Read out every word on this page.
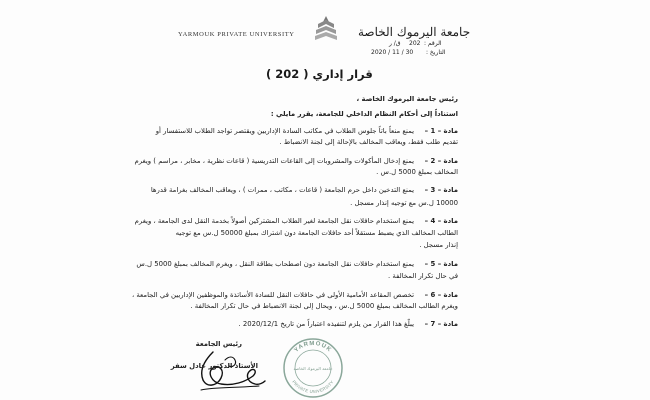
YARMOUK PRIVATE UNIVERSITY	جامعة اليرموك الخاصة
الرقم :
202
ق/ ر
التاريخ :
2020 / 11 / 30
قرار إداري ( 202 )
رئيس جامعة اليرموك الخاصة ،
استناداً إلى أحكام النظام الداخلي للجامعة، يقرر مايلي :
مادة – 1 –
يمنع منعاً باتاً جلوس الطلاب في مكاتب السادة الإداريين ويقتصر تواجد الطلاب للاستفسار أو
تقديم طلب فقط، ويعاقب المخالف بالإحالة إلى لجنة الانضباط .
مادة – 2 –
يمنع إدخال المأكولات والمشروبات إلى القاعات التدريسية ( قاعات نظرية ، مخابر ، مراسم ) ويغرم
المخالف بمبلغ 5000 ل.س .
مادة – 3 –
يمنع التدخين داخل حرم الجامعة ( قاعات ، مكاتب ، ممرات ) ، ويعاقب المخالف بغرامة قدرها
10000 ل.س مع توجيه إنذار مسجل .
مادة – 4 –
يمنع استخدام حافلات نقل الجامعة لغير الطلاب المشتركين أصولاً بخدمة النقل لدى الجامعة ، ويغرم
الطالب المخالف الذي يضبط مستقلاً أحد حافلات الجامعة دون اشتراك بمبلغ 50000 ل.س مع توجيه
إنذار مسجل .
مادة – 5 –
يمنع استخدام حافلات نقل الجامعة دون اصطحاب بطاقة النقل ، ويغرم المخالف بمبلغ 5000 ل.س
في حال تكرار المخالفة .
مادة – 6 –
تخصص المقاعد الأمامية الأولى في حافلات النقل للسادة الأساتذة والموظفين الإداريين في الجامعة ،
ويغرم الطالب المخالف بمبلغ 5000 ل.س ، ويحال إلى لجنة الانضباط في حال تكرار المخالفة .
مادة – 7 –
يبلّغ هذا القرار من يلزم لتنفيذه اعتباراً من تاريخ 2020/12/1 .
YARMOUK
PRIVATE UNIVERSITY
جامعة اليرموك الخاصة
رئيس الجامعة
الأستاذ الدكتور عادل سفر
